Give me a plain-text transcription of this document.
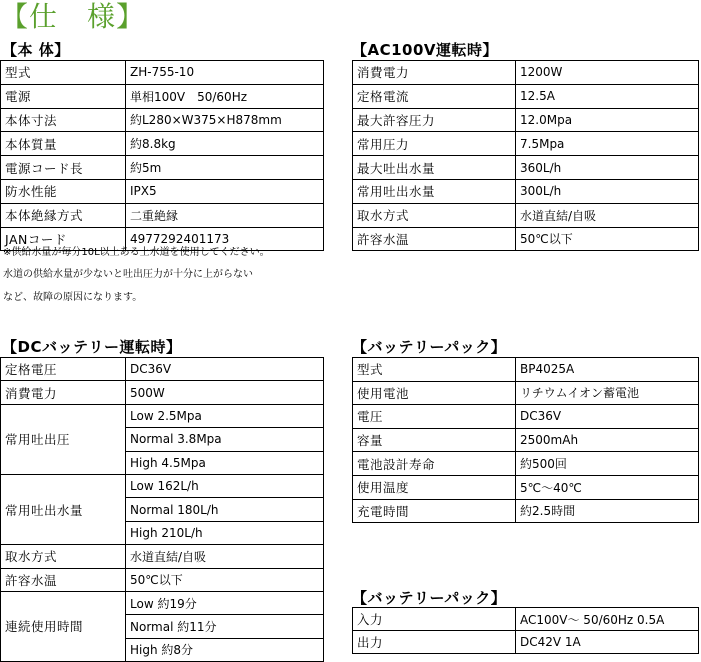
【仕　様】
【本 体】
型式	ZH-755-10
電源	単相100V　50/60Hz
本体寸法	約L280×W375×H878mm
本体質量	約8.8kg
電源コード長	約5m
防水性能	IPX5
本体絶縁方式	二重絶縁
JANコード	4977292401173
※供給水量が毎分10L以上ある上水道を使用してください。
水道の供給水量が少ないと吐出圧力が十分に上がらない
など、故障の原因になります。
【AC100V運転時】
消費電力	1200W
定格電流	12.5A
最大許容圧力	12.0Mpa
常用圧力	7.5Mpa
最大吐出水量	360L/h
常用吐出水量	300L/h
取水方式	水道直結/自吸
許容水温	50℃以下
【DCバッテリー運転時】
定格電圧	DC36V
消費電力	500W
常用吐出圧	Low 2.5Mpa
	Normal 3.8Mpa
	High 4.5Mpa
常用吐出水量	Low 162L/h
	Normal 180L/h
	High 210L/h
取水方式	水道直結/自吸
許容水温	50℃以下
連続使用時間	Low 約19分
	Normal 約11分
	High 約8分
【バッテリーパック】
型式	BP4025A
使用電池	リチウムイオン蓄電池
電圧	DC36V
容量	2500mAh
電池設計寿命	約500回
使用温度	5℃～40℃
充電時間	約2.5時間
【バッテリーパック】
入力	AC100V～ 50/60Hz 0.5A
出力	DC42V 1A
